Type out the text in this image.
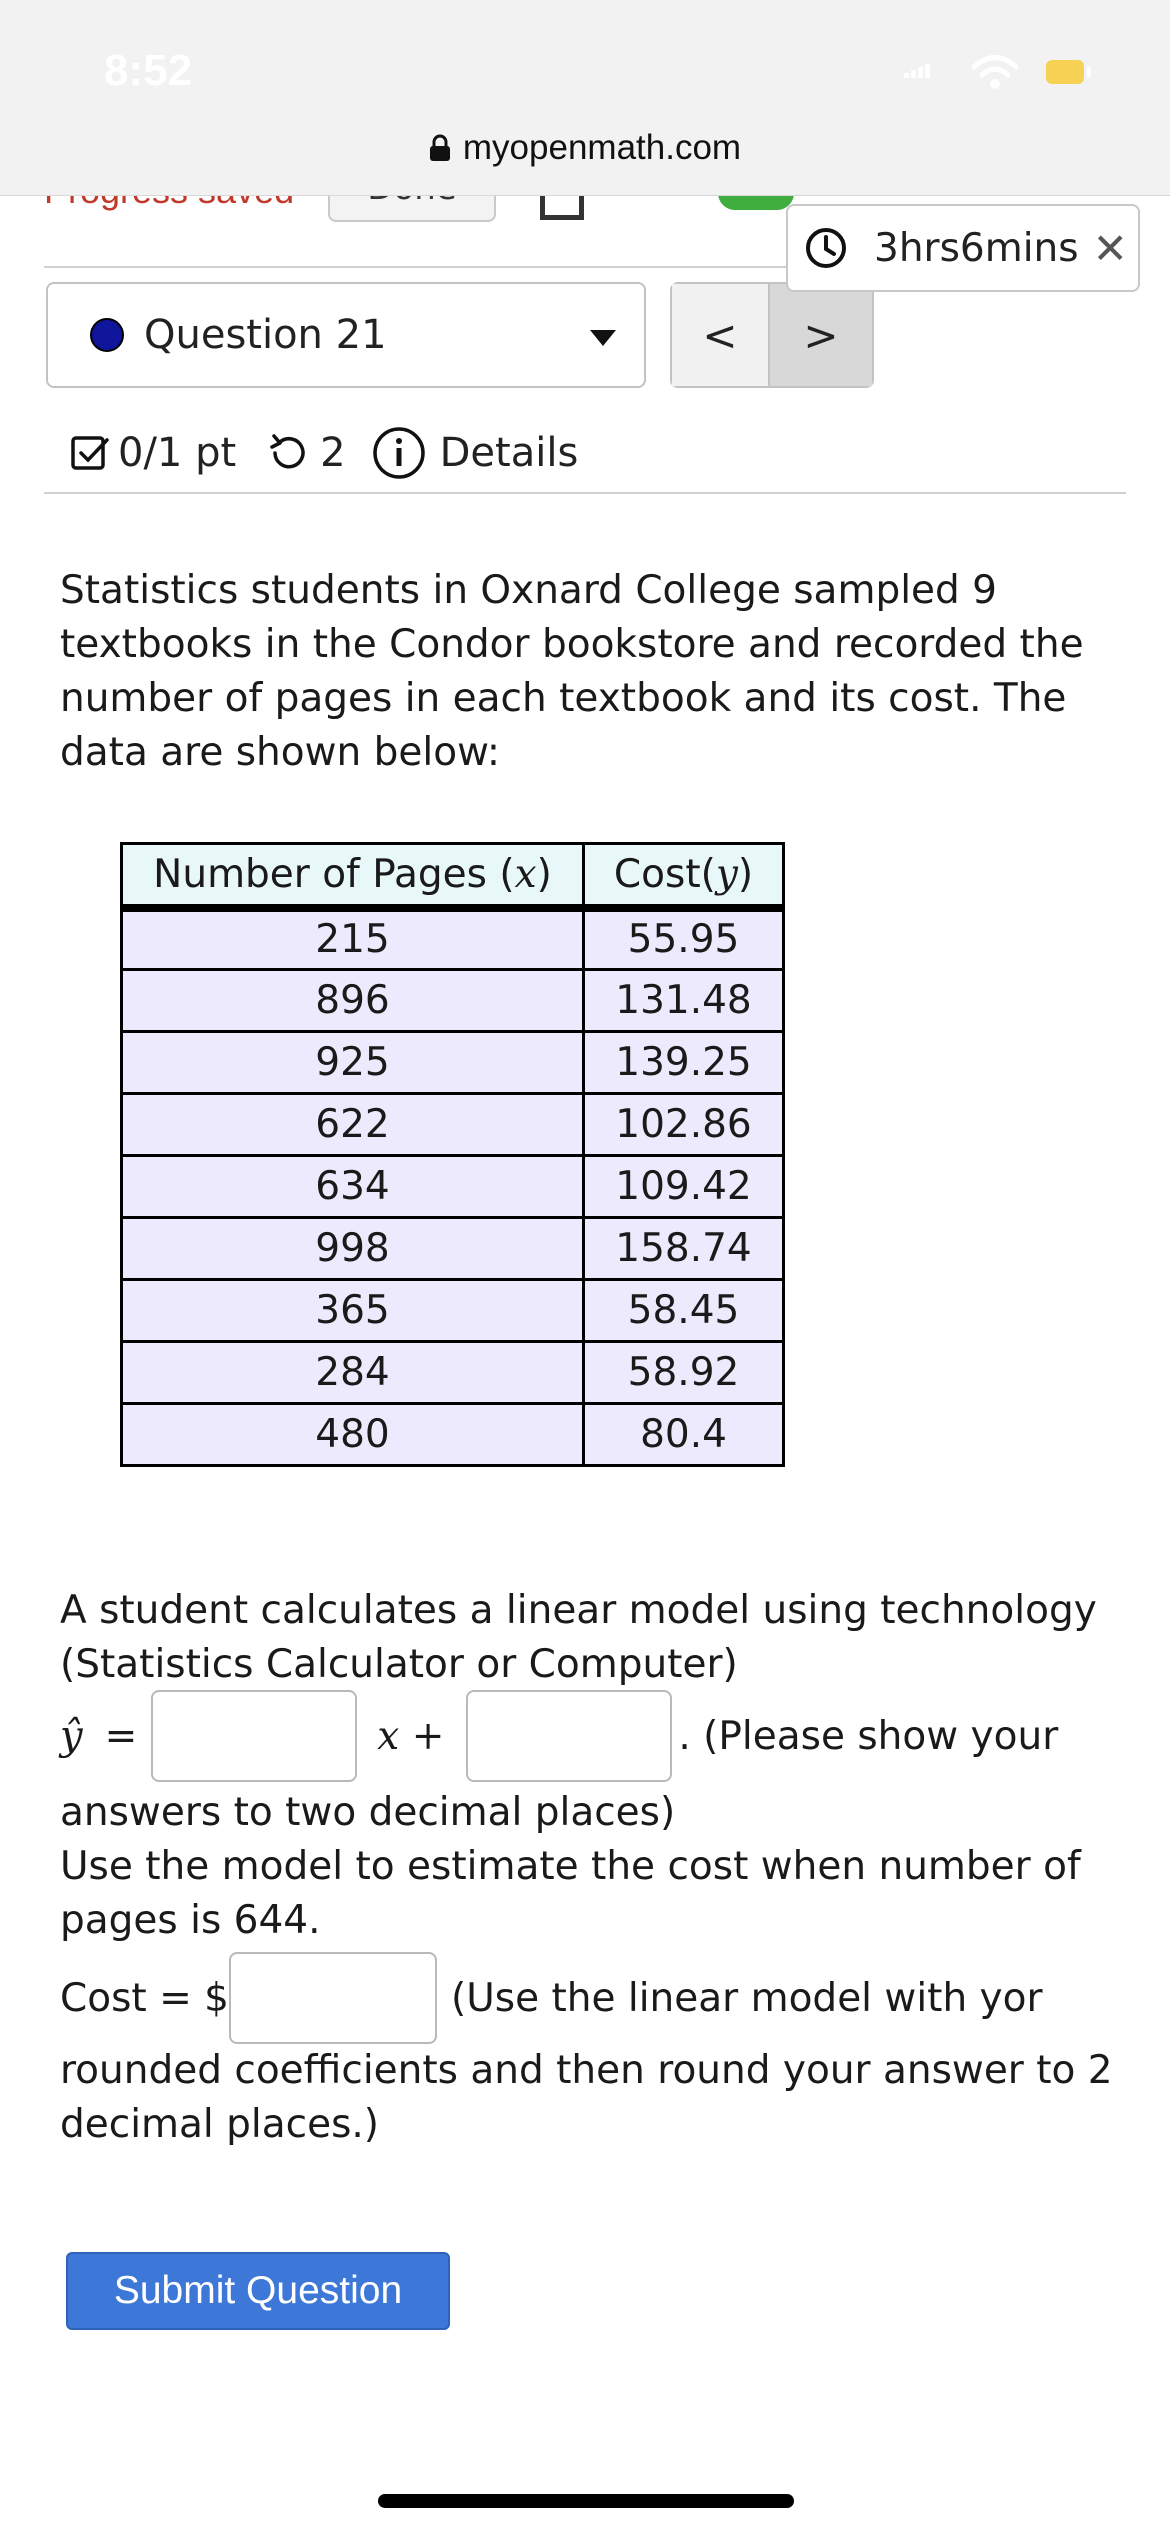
8:52
myopenmath.com
3hrs6mins ✕
Question 21	<	>
0/1 pt 2 Details
Statistics students in Oxnard College sampled 9 textbooks in the Condor bookstore and recorded the number of pages in each textbook and its cost. The data are shown below:
Number of Pages (x)	Cost(y)
215	55.95
896	131.48
925	139.25
622	102.86
634	109.42
998	158.74
365	58.45
284	58.92
480	80.4
A student calculates a linear model using technology (Statistics Calculator or Computer)
ŷ =	x +	. (Please show your
answers to two decimal places)
Use the model to estimate the cost when number of pages is 644.
Cost = $	(Use the linear model with yor
rounded coefficients and then round your answer to 2 decimal places.)
Submit Question
